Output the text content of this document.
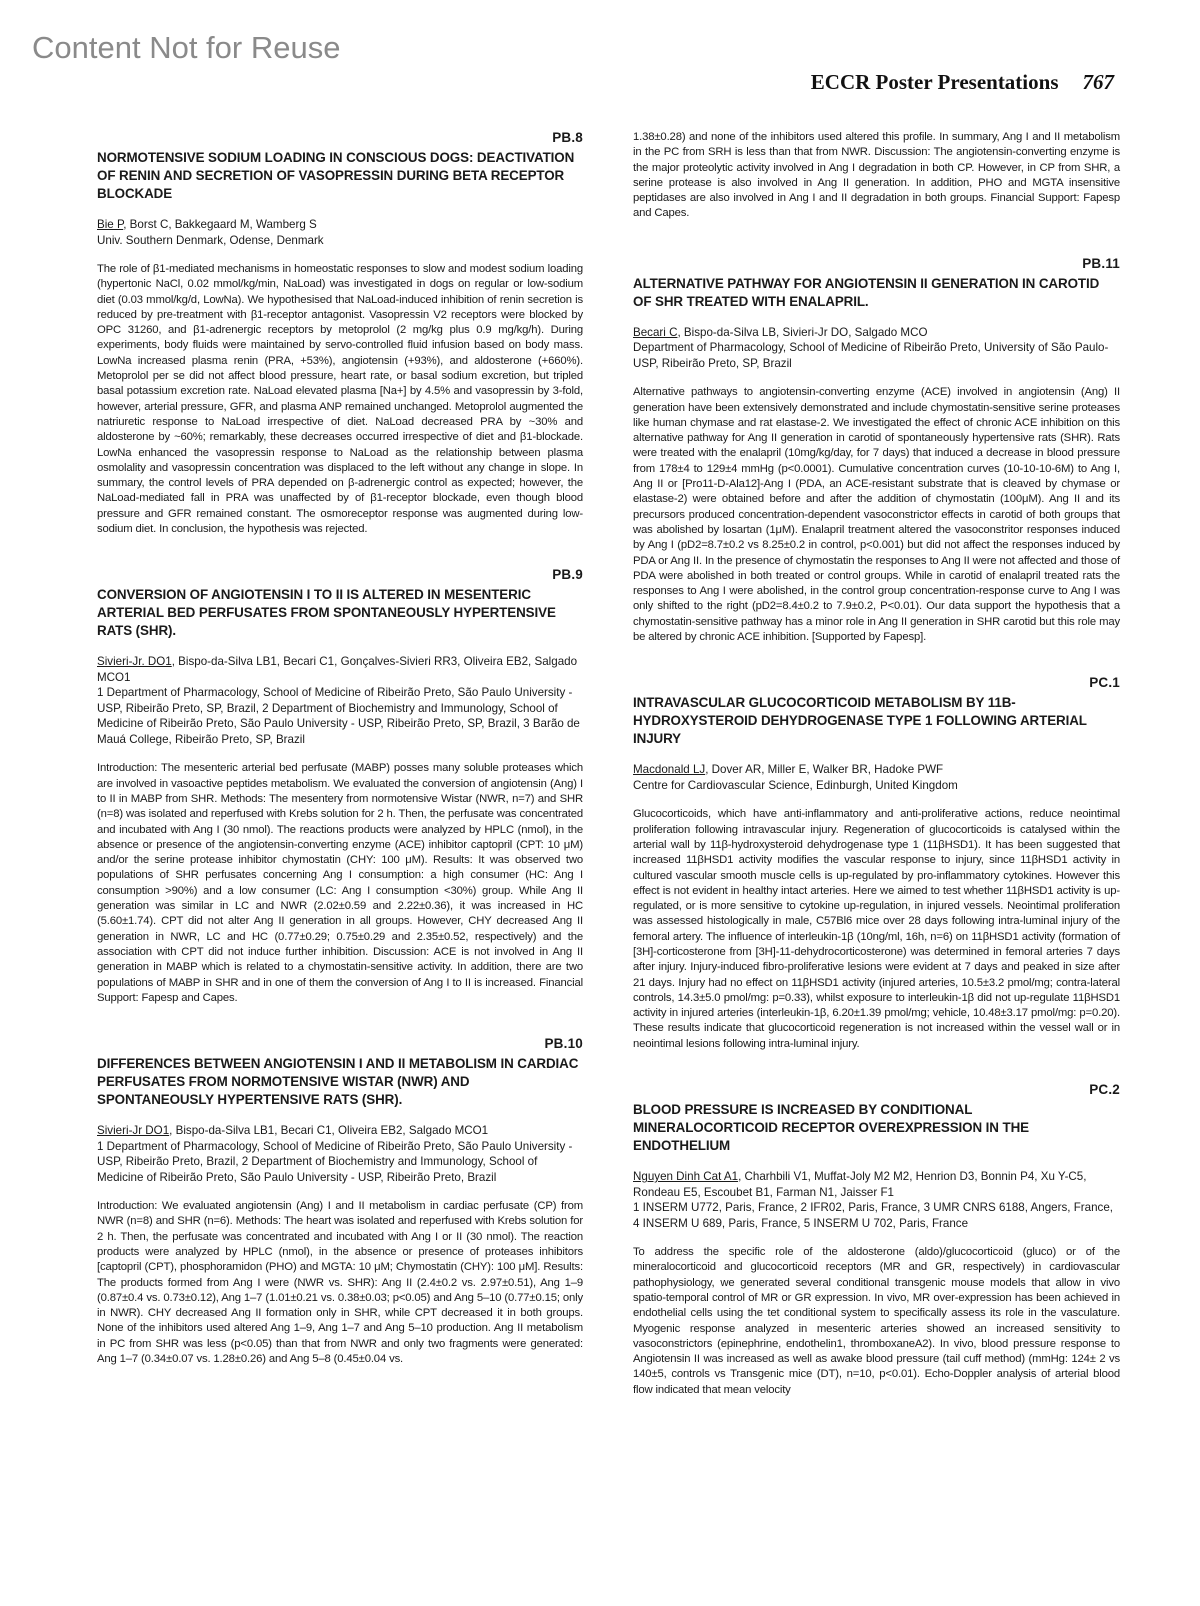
Content Not for Reuse
ECCR Poster Presentations 767
PB.8
NORMOTENSIVE SODIUM LOADING IN CONSCIOUS DOGS: DEACTIVATION OF RENIN AND SECRETION OF VASOPRESSIN DURING BETA RECEPTOR BLOCKADE

Bie P, Borst C, Bakkegaard M, Wamberg S

Univ. Southern Denmark, Odense, Denmark

The role of β1-mediated mechanisms in homeostatic responses to slow and modest sodium loading (hypertonic NaCl, 0.02 mmol/kg/min, NaLoad) was investigated in dogs on regular or low-sodium diet (0.03 mmol/kg/d, LowNa). We hypothesised that NaLoad-induced inhibition of renin secretion is reduced by pre-treatment with β1-receptor antagonist. Vasopressin V2 receptors were blocked by OPC 31260, and β1-adrenergic receptors by metoprolol (2 mg/kg plus 0.9 mg/kg/h). During experiments, body fluids were maintained by servo-controlled fluid infusion based on body mass. LowNa increased plasma renin (PRA, +53%), angiotensin (+93%), and aldosterone (+660%). Metoprolol per se did not affect blood pressure, heart rate, or basal sodium excretion, but tripled basal potassium excretion rate. NaLoad elevated plasma [Na+] by 4.5% and vasopressin by 3-fold, however, arterial pressure, GFR, and plasma ANP remained unchanged. Metoprolol augmented the natriuretic response to NaLoad irrespective of diet. NaLoad decreased PRA by ~30% and aldosterone by ~60%; remarkably, these decreases occurred irrespective of diet and β1-blockade. LowNa enhanced the vasopressin response to NaLoad as the relationship between plasma osmolality and vasopressin concentration was displaced to the left without any change in slope. In summary, the control levels of PRA depended on β-adrenergic control as expected; however, the NaLoad-mediated fall in PRA was unaffected by of β1-receptor blockade, even though blood pressure and GFR remained constant. The osmoreceptor response was augmented during low-sodium diet. In conclusion, the hypothesis was rejected.

PB.9
CONVERSION OF ANGIOTENSIN I TO II IS ALTERED IN MESENTERIC ARTERIAL BED PERFUSATES FROM SPONTANEOUSLY HYPERTENSIVE RATS (SHR).

Sivieri-Jr. DO1, Bispo-da-Silva LB1, Becari C1, Gonçalves-Sivieri RR3, Oliveira EB2, Salgado MCO1

1 Department of Pharmacology, School of Medicine of Ribeirão Preto, São Paulo University - USP, Ribeirão Preto, SP, Brazil, 2 Department of Biochemistry and Immunology, School of Medicine of Ribeirão Preto, São Paulo University - USP, Ribeirão Preto, SP, Brazil, 3 Barão de Mauá College, Ribeirão Preto, SP, Brazil

Introduction: The mesenteric arterial bed perfusate (MABP) posses many soluble proteases which are involved in vasoactive peptides metabolism. We evaluated the conversion of angiotensin (Ang) I to II in MABP from SHR. Methods: The mesentery from normotensive Wistar (NWR, n=7) and SHR (n=8) was isolated and reperfused with Krebs solution for 2 h. Then, the perfusate was concentrated and incubated with Ang I (30 nmol). The reactions products were analyzed by HPLC (nmol), in the absence or presence of the angiotensin-converting enzyme (ACE) inhibitor captopril (CPT: 10 μM) and/or the serine protease inhibitor chymostatin (CHY: 100 μM). Results: It was observed two populations of SHR perfusates concerning Ang I consumption: a high consumer (HC: Ang I consumption >90%) and a low consumer (LC: Ang I consumption <30%) group. While Ang II generation was similar in LC and NWR (2.02±0.59 and 2.22±0.36), it was increased in HC (5.60±1.74). CPT did not alter Ang II generation in all groups. However, CHY decreased Ang II generation in NWR, LC and HC (0.77±0.29; 0.75±0.29 and 2.35±0.52, respectively) and the association with CPT did not induce further inhibition. Discussion: ACE is not involved in Ang II generation in MABP which is related to a chymostatin-sensitive activity. In addition, there are two populations of MABP in SHR and in one of them the conversion of Ang I to II is increased. Financial Support: Fapesp and Capes.

PB.10
DIFFERENCES BETWEEN ANGIOTENSIN I AND II METABOLISM IN CARDIAC PERFUSATES FROM NORMOTENSIVE WISTAR (NWR) AND SPONTANEOUSLY HYPERTENSIVE RATS (SHR).

Sivieri-Jr DO1, Bispo-da-Silva LB1, Becari C1, Oliveira EB2, Salgado MCO1

1 Department of Pharmacology, School of Medicine of Ribeirão Preto, São Paulo University - USP, Ribeirão Preto, Brazil, 2 Department of Biochemistry and Immunology, School of Medicine of Ribeirão Preto, São Paulo University - USP, Ribeirão Preto, Brazil

Introduction: We evaluated angiotensin (Ang) I and II metabolism in cardiac perfusate (CP) from NWR (n=8) and SHR (n=6). Methods: The heart was isolated and reperfused with Krebs solution for 2 h. Then, the perfusate was concentrated and incubated with Ang I or II (30 nmol). The reaction products were analyzed by HPLC (nmol), in the absence or presence of proteases inhibitors [captopril (CPT), phosphoramidon (PHO) and MGTA: 10 μM; Chymostatin (CHY): 100 μM]. Results: The products formed from Ang I were (NWR vs. SHR): Ang II (2.4±0.2 vs. 2.97±0.51), Ang 1–9 (0.87±0.4 vs. 0.73±0.12), Ang 1–7 (1.01±0.21 vs. 0.38±0.03; p<0.05) and Ang 5–10 (0.77±0.15; only in NWR). CHY decreased Ang II formation only in SHR, while CPT decreased it in both groups. None of the inhibitors used altered Ang 1–9, Ang 1–7 and Ang 5–10 production. Ang II metabolism in PC from SHR was less (p<0.05) than that from NWR and only two fragments were generated: Ang 1–7 (0.34±0.07 vs. 1.28±0.26) and Ang 5–8 (0.45±0.04 vs.

1.38±0.28) and none of the inhibitors used altered this profile. In summary, Ang I and II metabolism in the PC from SRH is less than that from NWR. Discussion: The angiotensin-converting enzyme is the major proteolytic activity involved in Ang I degradation in both CP. However, in CP from SHR, a serine protease is also involved in Ang II generation. In addition, PHO and MGTA insensitive peptidases are also involved in Ang I and II degradation in both groups. Financial Support: Fapesp and Capes.

PB.11
ALTERNATIVE PATHWAY FOR ANGIOTENSIN II GENERATION IN CAROTID OF SHR TREATED WITH ENALAPRIL.

Becari C, Bispo-da-Silva LB, Sivieri-Jr DO, Salgado MCO

Department of Pharmacology, School of Medicine of Ribeirão Preto, University of São Paulo-USP, Ribeirão Preto, SP, Brazil

Alternative pathways to angiotensin-converting enzyme (ACE) involved in angiotensin (Ang) II generation have been extensively demonstrated and include chymostatin-sensitive serine proteases like human chymase and rat elastase-2. We investigated the effect of chronic ACE inhibition on this alternative pathway for Ang II generation in carotid of spontaneously hypertensive rats (SHR). Rats were treated with the enalapril (10mg/kg/day, for 7 days) that induced a decrease in blood pressure from 178±4 to 129±4 mmHg (p<0.0001). Cumulative concentration curves (10-10-10-6M) to Ang I, Ang II or [Pro11-D-Ala12]-Ang I (PDA, an ACE-resistant substrate that is cleaved by chymase or elastase-2) were obtained before and after the addition of chymostatin (100μM). Ang II and its precursors produced concentration-dependent vasoconstrictor effects in carotid of both groups that was abolished by losartan (1μM). Enalapril treatment altered the vasoconstritor responses induced by Ang I (pD2=8.7±0.2 vs 8.25±0.2 in control, p<0.001) but did not affect the responses induced by PDA or Ang II. In the presence of chymostatin the responses to Ang II were not affected and those of PDA were abolished in both treated or control groups. While in carotid of enalapril treated rats the responses to Ang I were abolished, in the control group concentration-response curve to Ang I was only shifted to the right (pD2=8.4±0.2 to 7.9±0.2, P<0.01). Our data support the hypothesis that a chymostatin-sensitive pathway has a minor role in Ang II generation in SHR carotid but this role may be altered by chronic ACE inhibition. [Supported by Fapesp].

PC.1
INTRAVASCULAR GLUCOCORTICOID METABOLISM BY 11Β-HYDROXYSTEROID DEHYDROGENASE TYPE 1 FOLLOWING ARTERIAL INJURY

Macdonald LJ, Dover AR, Miller E, Walker BR, Hadoke PWF

Centre for Cardiovascular Science, Edinburgh, United Kingdom

Glucocorticoids, which have anti-inflammatory and anti-proliferative actions, reduce neointimal proliferation following intravascular injury. Regeneration of glucocorticoids is catalysed within the arterial wall by 11β-hydroxysteroid dehydrogenase type 1 (11βHSD1). It has been suggested that increased 11βHSD1 activity modifies the vascular response to injury, since 11βHSD1 activity in cultured vascular smooth muscle cells is up-regulated by pro-inflammatory cytokines. However this effect is not evident in healthy intact arteries. Here we aimed to test whether 11βHSD1 activity is up-regulated, or is more sensitive to cytokine up-regulation, in injured vessels. Neointimal proliferation was assessed histologically in male, C57Bl6 mice over 28 days following intra-luminal injury of the femoral artery. The influence of interleukin-1β (10ng/ml, 16h, n=6) on 11βHSD1 activity (formation of [3H]-corticosterone from [3H]-11-dehydrocorticosterone) was determined in femoral arteries 7 days after injury. Injury-induced fibro-proliferative lesions were evident at 7 days and peaked in size after 21 days. Injury had no effect on 11βHSD1 activity (injured arteries, 10.5±3.2 pmol/mg; contra-lateral controls, 14.3±5.0 pmol/mg: p=0.33), whilst exposure to interleukin-1β did not up-regulate 11βHSD1 activity in injured arteries (interleukin-1β, 6.20±1.39 pmol/mg; vehicle, 10.48±3.17 pmol/mg: p=0.20). These results indicate that glucocorticoid regeneration is not increased within the vessel wall or in neointimal lesions following intra-luminal injury.

PC.2
BLOOD PRESSURE IS INCREASED BY CONDITIONAL MINERALOCORTICOID RECEPTOR OVEREXPRESSION IN THE ENDOTHELIUM

Nguyen Dinh Cat A1, Charhbili V1, Muffat-Joly M2 M2, Henrion D3, Bonnin P4, Xu Y-C5, Rondeau E5, Escoubet B1, Farman N1, Jaisser F1

1 INSERM U772, Paris, France, 2 IFR02, Paris, France, 3 UMR CNRS 6188, Angers, France, 4 INSERM U 689, Paris, France, 5 INSERM U 702, Paris, France

To address the specific role of the aldosterone (aldo)/glucocorticoid (gluco) or of the mineralocorticoid and glucocorticoid receptors (MR and GR, respectively) in cardiovascular pathophysiology, we generated several conditional transgenic mouse models that allow in vivo spatio-temporal control of MR or GR expression. In vivo, MR over-expression has been achieved in endothelial cells using the tet conditional system to specifically assess its role in the vasculature. Myogenic response analyzed in mesenteric arteries showed an increased sensitivity to vasoconstrictors (epinephrine, endothelin1, thromboxaneA2). In vivo, blood pressure response to Angiotensin II was increased as well as awake blood pressure (tail cuff method) (mmHg: 124± 2 vs 140±5, controls vs Transgenic mice (DT), n=10, p<0.01). Echo-Doppler analysis of arterial blood flow indicated that mean velocity
